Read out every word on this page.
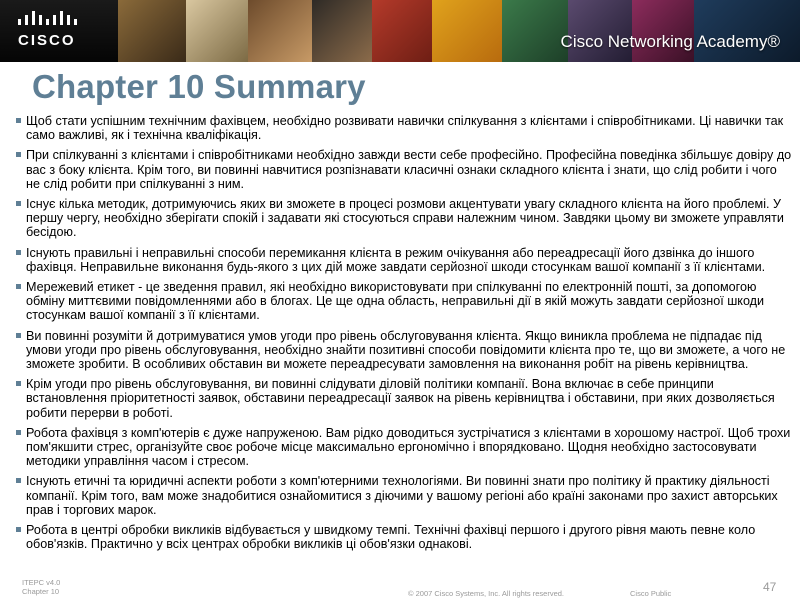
CISCO	Cisco Networking Academy®
Chapter 10 Summary
Щоб стати успішним технічним фахівцем, необхідно розвивати навички спілкування з клієнтами і співробітниками. Ці навички так само важливі, як і технічна кваліфікація.
При спілкуванні з клієнтами і співробітниками необхідно завжди вести себе професійно. Професійна поведінка збільшує довіру до вас з боку клієнта. Крім того, ви повинні навчитися розпізнавати класичні ознаки складного клієнта і знати, що слід робити і чого не слід робити при спілкуванні з ним.
Існує кілька методик, дотримуючись яких ви зможете в процесі розмови акцентувати увагу складного клієнта на його проблемі. У першу чергу, необхідно зберігати спокій і задавати які стосуються справи належним чином. Завдяки цьому ви зможете управляти бесідою.
Існують правильні і неправильні способи перемикання клієнта в режим очікування або переадресації його дзвінка до іншого фахівця. Неправильне виконання будь-якого з цих дій може завдати серйозної шкоди стосункам вашої компанії з її клієнтами.
Мережевий етикет - це зведення правил, які необхідно використовувати при спілкуванні по електронній пошті, за допомогою обміну миттєвими повідомленнями або в блогах. Це ще одна область, неправильні дії в якій можуть завдати серйозної шкоди стосункам вашої компанії з її клієнтами.
Ви повинні розуміти й дотримуватися умов угоди про рівень обслуговування клієнта. Якщо виникла проблема не підпадає під умови угоди про рівень обслуговування, необхідно знайти позитивні способи повідомити клієнта про те, що ви зможете, а чого не зможете зробити. В особливих обставин ви можете переадресувати замовлення на виконання робіт на рівень керівництва.
Крім угоди про рівень обслуговування, ви повинні слідувати діловій політики компанії. Вона включає в себе принципи встановлення пріоритетності заявок, обставини переадресації заявок на рівень керівництва і обставини, при яких дозволяється робити перерви в роботі.
Робота фахівця з комп'ютерів є дуже напруженою. Вам рідко доводиться зустрічатися з клієнтами в хорошому настрої. Щоб трохи пом'якшити стрес, організуйте своє робоче місце максимально ергономічно і впорядковано. Щодня необхідно застосовувати методики управління часом і стресом.
Існують етичні та юридичні аспекти роботи з комп'ютерними технологіями. Ви повинні знати про політику й практику діяльності компанії. Крім того, вам може знадобитися ознайомитися з діючими у вашому регіоні або країні законами про захист авторських прав і торгових марок.
Робота в центрі обробки викликів відбувається у швидкому темпі. Технічні фахівці першого і другого рівня мають певне коло обов'язків. Практично у всіх центрах обробки викликів ці обов'язки однакові.
ITEPC v4.0
Chapter 10	© 2007 Cisco Systems, Inc. All rights reserved.	Cisco Public	47
